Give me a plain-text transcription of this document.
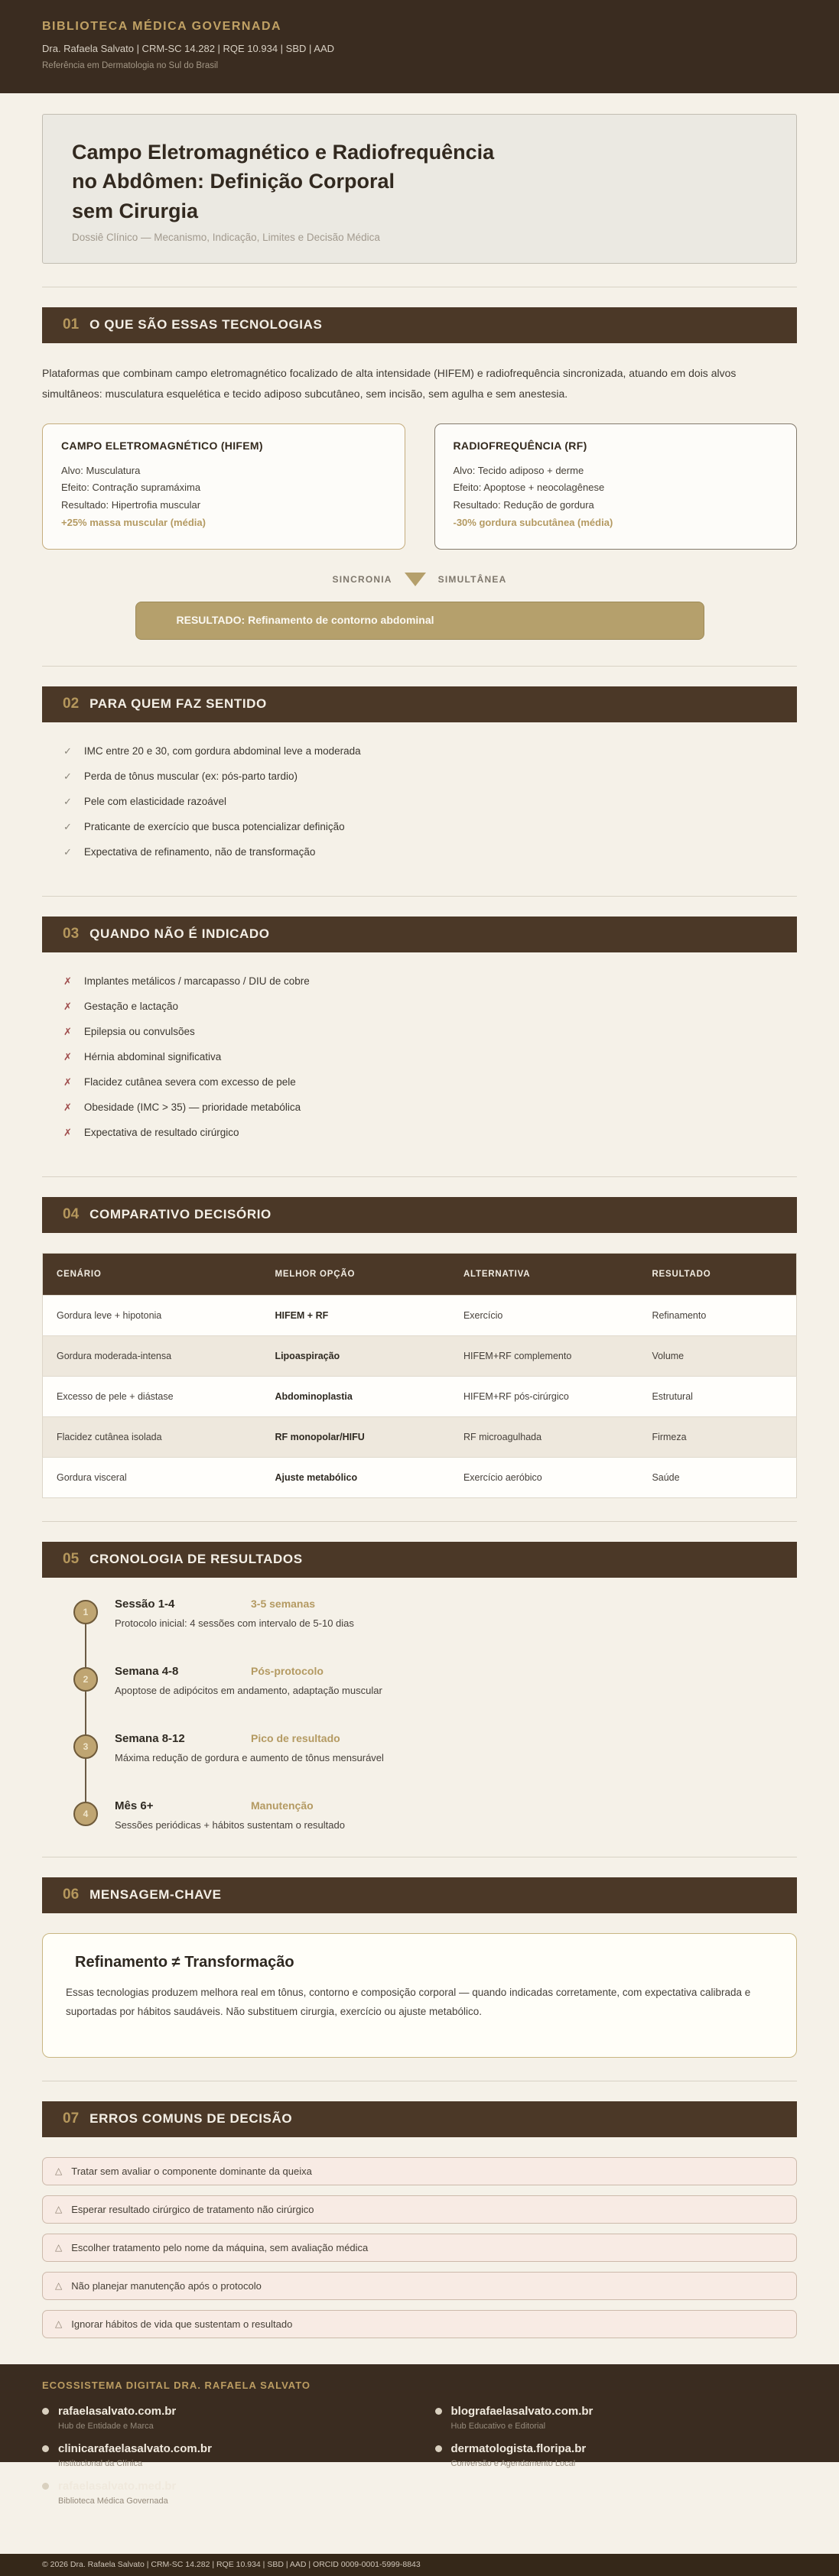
BIBLIOTECA MÉDICA GOVERNADA
Dra. Rafaela Salvato | CRM-SC 14.282 | RQE 10.934 | SBD | AAD
Referência em Dermatologia no Sul do Brasil
Campo Eletromagnético e Radiofrequência
no Abdômen: Definição Corporal
sem Cirurgia
Dossiê Clínico — Mecanismo, Indicação, Limites e Decisão Médica
01 O QUE SÃO ESSAS TECNOLOGIAS

Plataformas que combinam campo eletromagnético focalizado de alta intensidade (HIFEM) e radiofrequência sincronizada, atuando em dois alvos simultâneos: musculatura esquelética e tecido adiposo subcutâneo, sem incisão, sem agulha e sem anestesia.

CAMPO ELETROMAGNÉTICO (HIFEM)
Alvo: Musculatura
Efeito: Contração supramáxima
Resultado: Hipertrofia muscular
+25% massa muscular (média)
RADIOFREQUÊNCIA (RF)
Alvo: Tecido adiposo + derme
Efeito: Apoptose + neocolagênese
Resultado: Redução de gordura
-30% gordura subcutânea (média)
SINCRONIA	SIMULTÂNEA
RESULTADO: Refinamento de contorno abdominal
02 PARA QUEM FAZ SENTIDO
✓ IMC entre 20 e 30, com gordura abdominal leve a moderada
✓ Perda de tônus muscular (ex: pós-parto tardio)
✓ Pele com elasticidade razoável
✓ Praticante de exercício que busca potencializar definição
✓ Expectativa de refinamento, não de transformação
03 QUANDO NÃO É INDICADO
✗ Implantes metálicos / marcapasso / DIU de cobre
✗ Gestação e lactação
✗ Epilepsia ou convulsões
✗ Hérnia abdominal significativa
✗ Flacidez cutânea severa com excesso de pele
✗ Obesidade (IMC > 35) — prioridade metabólica
✗ Expectativa de resultado cirúrgico
04 COMPARATIVO DECISÓRIO
CENÁRIO	MELHOR OPÇÃO	ALTERNATIVA	RESULTADO
Gordura leve + hipotonia	HIFEM + RF	Exercício	Refinamento
Gordura moderada-intensa	Lipoaspiração	HIFEM+RF complemento	Volume
Excesso de pele + diástase	Abdominoplastia	HIFEM+RF pós-cirúrgico	Estrutural
Flacidez cutânea isolada	RF monopolar/HIFU	RF microagulhada	Firmeza
Gordura visceral	Ajuste metabólico	Exercício aeróbico	Saúde
05 CRONOLOGIA DE RESULTADOS
1
Sessão 1-4	3-5 semanas
Protocolo inicial: 4 sessões com intervalo de 5-10 dias
2
Semana 4-8	Pós-protocolo
Apoptose de adipócitos em andamento, adaptação muscular
3
Semana 8-12	Pico de resultado
Máxima redução de gordura e aumento de tônus mensurável
4
Mês 6+	Manutenção
Sessões periódicas + hábitos sustentam o resultado
06 MENSAGEM-CHAVE
Refinamento ≠ Transformação

Essas tecnologias produzem melhora real em tônus, contorno e composição corporal — quando indicadas corretamente, com expectativa calibrada e suportadas por hábitos saudáveis. Não substituem cirurgia, exercício ou ajuste metabólico.

07 ERROS COMUNS DE DECISÃO
△ Tratar sem avaliar o componente dominante da queixa
△ Esperar resultado cirúrgico de tratamento não cirúrgico
△ Escolher tratamento pelo nome da máquina, sem avaliação médica
△ Não planejar manutenção após o protocolo
△ Ignorar hábitos de vida que sustentam o resultado
ECOSSISTEMA DIGITAL DRA. RAFAELA SALVATO
rafaelasalvato.com.br
Hub de Entidade e Marca
clinicarafaelasalvato.com.br
Institucional da Clínica
rafaelasalvato.med.br
Biblioteca Médica Governada
blografaelasalvato.com.br
Hub Educativo e Editorial
dermatologista.floripa.br
Conversão e Agendamento Local
© 2026 Dra. Rafaela Salvato | CRM-SC 14.282 | RQE 10.934 | SBD | AAD | ORCID 0009-0001-5999-8843
